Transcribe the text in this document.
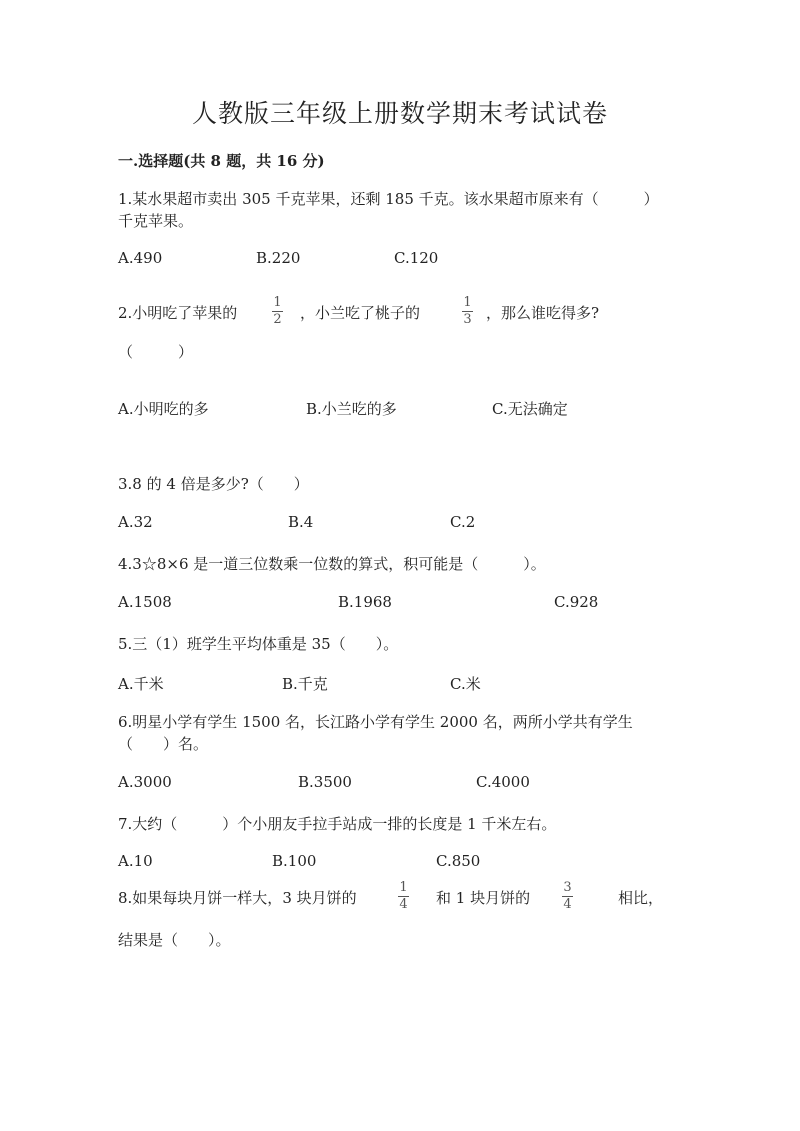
人教版三年级上册数学期末考试试卷
一.选择题(共 8 题，共 16 分)
1.某水果超市卖出 305 千克苹果，还剩 185 千克。该水果超市原来有（　　　）
千克苹果。
A.490	B.220	C.120
2.小明吃了苹果的
1
2 ，小兰吃了桃子的
1
3 ，那么谁吃得多?
（　　　）
A.小明吃的多	B.小兰吃的多	C.无法确定
3.8 的 4 倍是多少?（　　）
A.32	B.4	C.2
4.3☆8×6 是一道三位数乘一位数的算式，积可能是（　　　）。
A.1508	B.1968	C.928
5.三（1）班学生平均体重是 35（　　）。
A.千米	B.千克	C.米
6.明星小学有学生 1500 名，长江路小学有学生 2000 名，两所小学共有学生
（　　）名。
A.3000	B.3500	C.4000
7.大约（　　　）个小朋友手拉手站成一排的长度是 1 千米左右。
A.10	B.100	C.850
8.如果每块月饼一样大，3 块月饼的
1
4 和 1 块月饼的
3
4	相比，
结果是（　　）。
